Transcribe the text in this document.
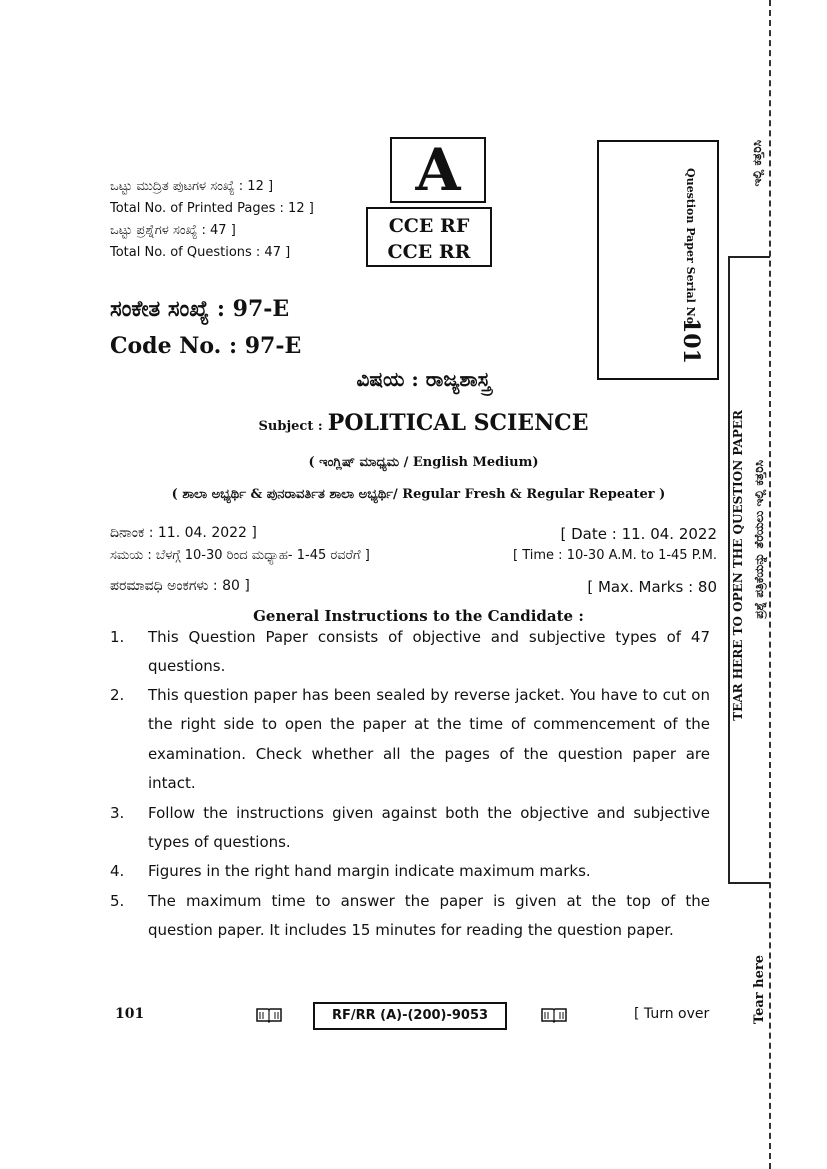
ಒಟ್ಟು ಮುದ್ರಿತ ಪುಟಗಳ ಸಂಖ್ಯೆ : 12 ]
Total No. of Printed Pages : 12 ]
ಒಟ್ಟು ಪ್ರಶ್ನೆಗಳ ಸಂಖ್ಯೆ : 47 ]
Total No. of Questions : 47 ]
A
CCE RF
CCE RR	Question Paper Serial No.
101
ಸಂಕೇತ ಸಂಖ್ಯೆ : 97-E
Code No. : 97-E
ವಿಷಯ : ರಾಜ್ಯಶಾಸ್ತ್ರ
Subject : POLITICAL SCIENCE
( ಇಂಗ್ಲಿಷ್ ಮಾಧ್ಯಮ / English Medium)
( ಶಾಲಾ ಅಭ್ಯರ್ಥಿ & ಪುನರಾವರ್ತಿತ ಶಾಲಾ ಅಭ್ಯರ್ಥಿ/ Regular Fresh & Regular Repeater )
ದಿನಾಂಕ : 11. 04. 2022 ]	[ Date : 11. 04. 2022
ಸಮಯ : ಬೆಳಗ್ಗೆ 10-30 ರಿಂದ ಮಧ್ಯಾಹ- 1-45 ರವರೆಗೆ ]	[ Time : 10-30 A.M. to 1-45 P.M.
ಪರಮಾವಧಿ ಅಂಕಗಳು : 80 ]	[ Max. Marks : 80
General Instructions to the Candidate :
1. This Question Paper consists of objective and subjective types of 47 questions.
2. This question paper has been sealed by reverse jacket. You have to cut on the right side to open the paper at the time of commencement of the examination. Check whether all the pages of the question paper are intact.
3. Follow the instructions given against both the objective and subjective types of questions.
4. Figures in the right hand margin indicate maximum marks.
5. The maximum time to answer the paper is given at the top of the question paper. It includes 15 minutes for reading the question paper.
101	RF/RR (A)-(200)-9053	[ Turn over
ಇಲ್ಲಿ ಕತ್ತರಿಸಿ
TEAR HERE TO OPEN THE QUESTION PAPER ಪ್ರಶ್ನೆ ಪತ್ರಿಕೆಯನ್ನು ತೆರೆಯಲು ಇಲ್ಲಿ ಕತ್ತರಿಸಿ
Tear here
